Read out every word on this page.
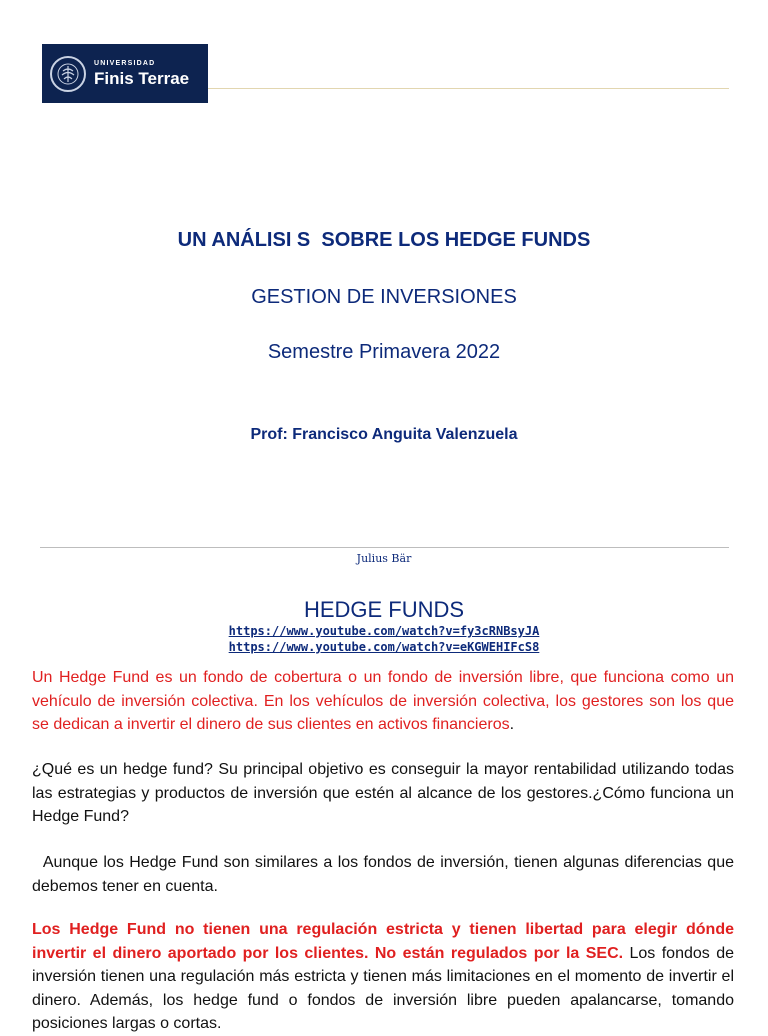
UNIVERSIDAD
Finis Terrae
UN ANÁLISI S  SOBRE LOS HEDGE FUNDS
GESTION DE INVERSIONES
Semestre Primavera 2022
Prof: Francisco Anguita Valenzuela
Julius Bär
HEDGE FUNDS
https://www.youtube.com/watch?v=fy3cRNBsyJA
https://www.youtube.com/watch?v=eKGWEHIFcS8

Un Hedge Fund es un fondo de cobertura o un fondo de inversión libre, que funciona como un vehículo de inversión colectiva. En los vehículos de inversión colectiva, los gestores son los que se dedican a invertir el dinero de sus clientes en activos financieros.

¿Qué es un hedge fund? Su principal objetivo es conseguir la mayor rentabilidad utilizando todas las estrategias y productos de inversión que estén al alcance de los gestores.¿Cómo funciona un Hedge Fund?

Aunque los Hedge Fund son similares a los fondos de inversión, tienen algunas diferencias que debemos tener en cuenta.

Los Hedge Fund no tienen una regulación estricta y tienen libertad para elegir dónde invertir el dinero aportado por los clientes. No están regulados por la SEC. Los fondos de inversión tienen una regulación más estricta y tienen más limitaciones en el momento de invertir el dinero. Además, los hedge fund o fondos de inversión libre pueden apalancarse, tomando posiciones largas o cortas.
